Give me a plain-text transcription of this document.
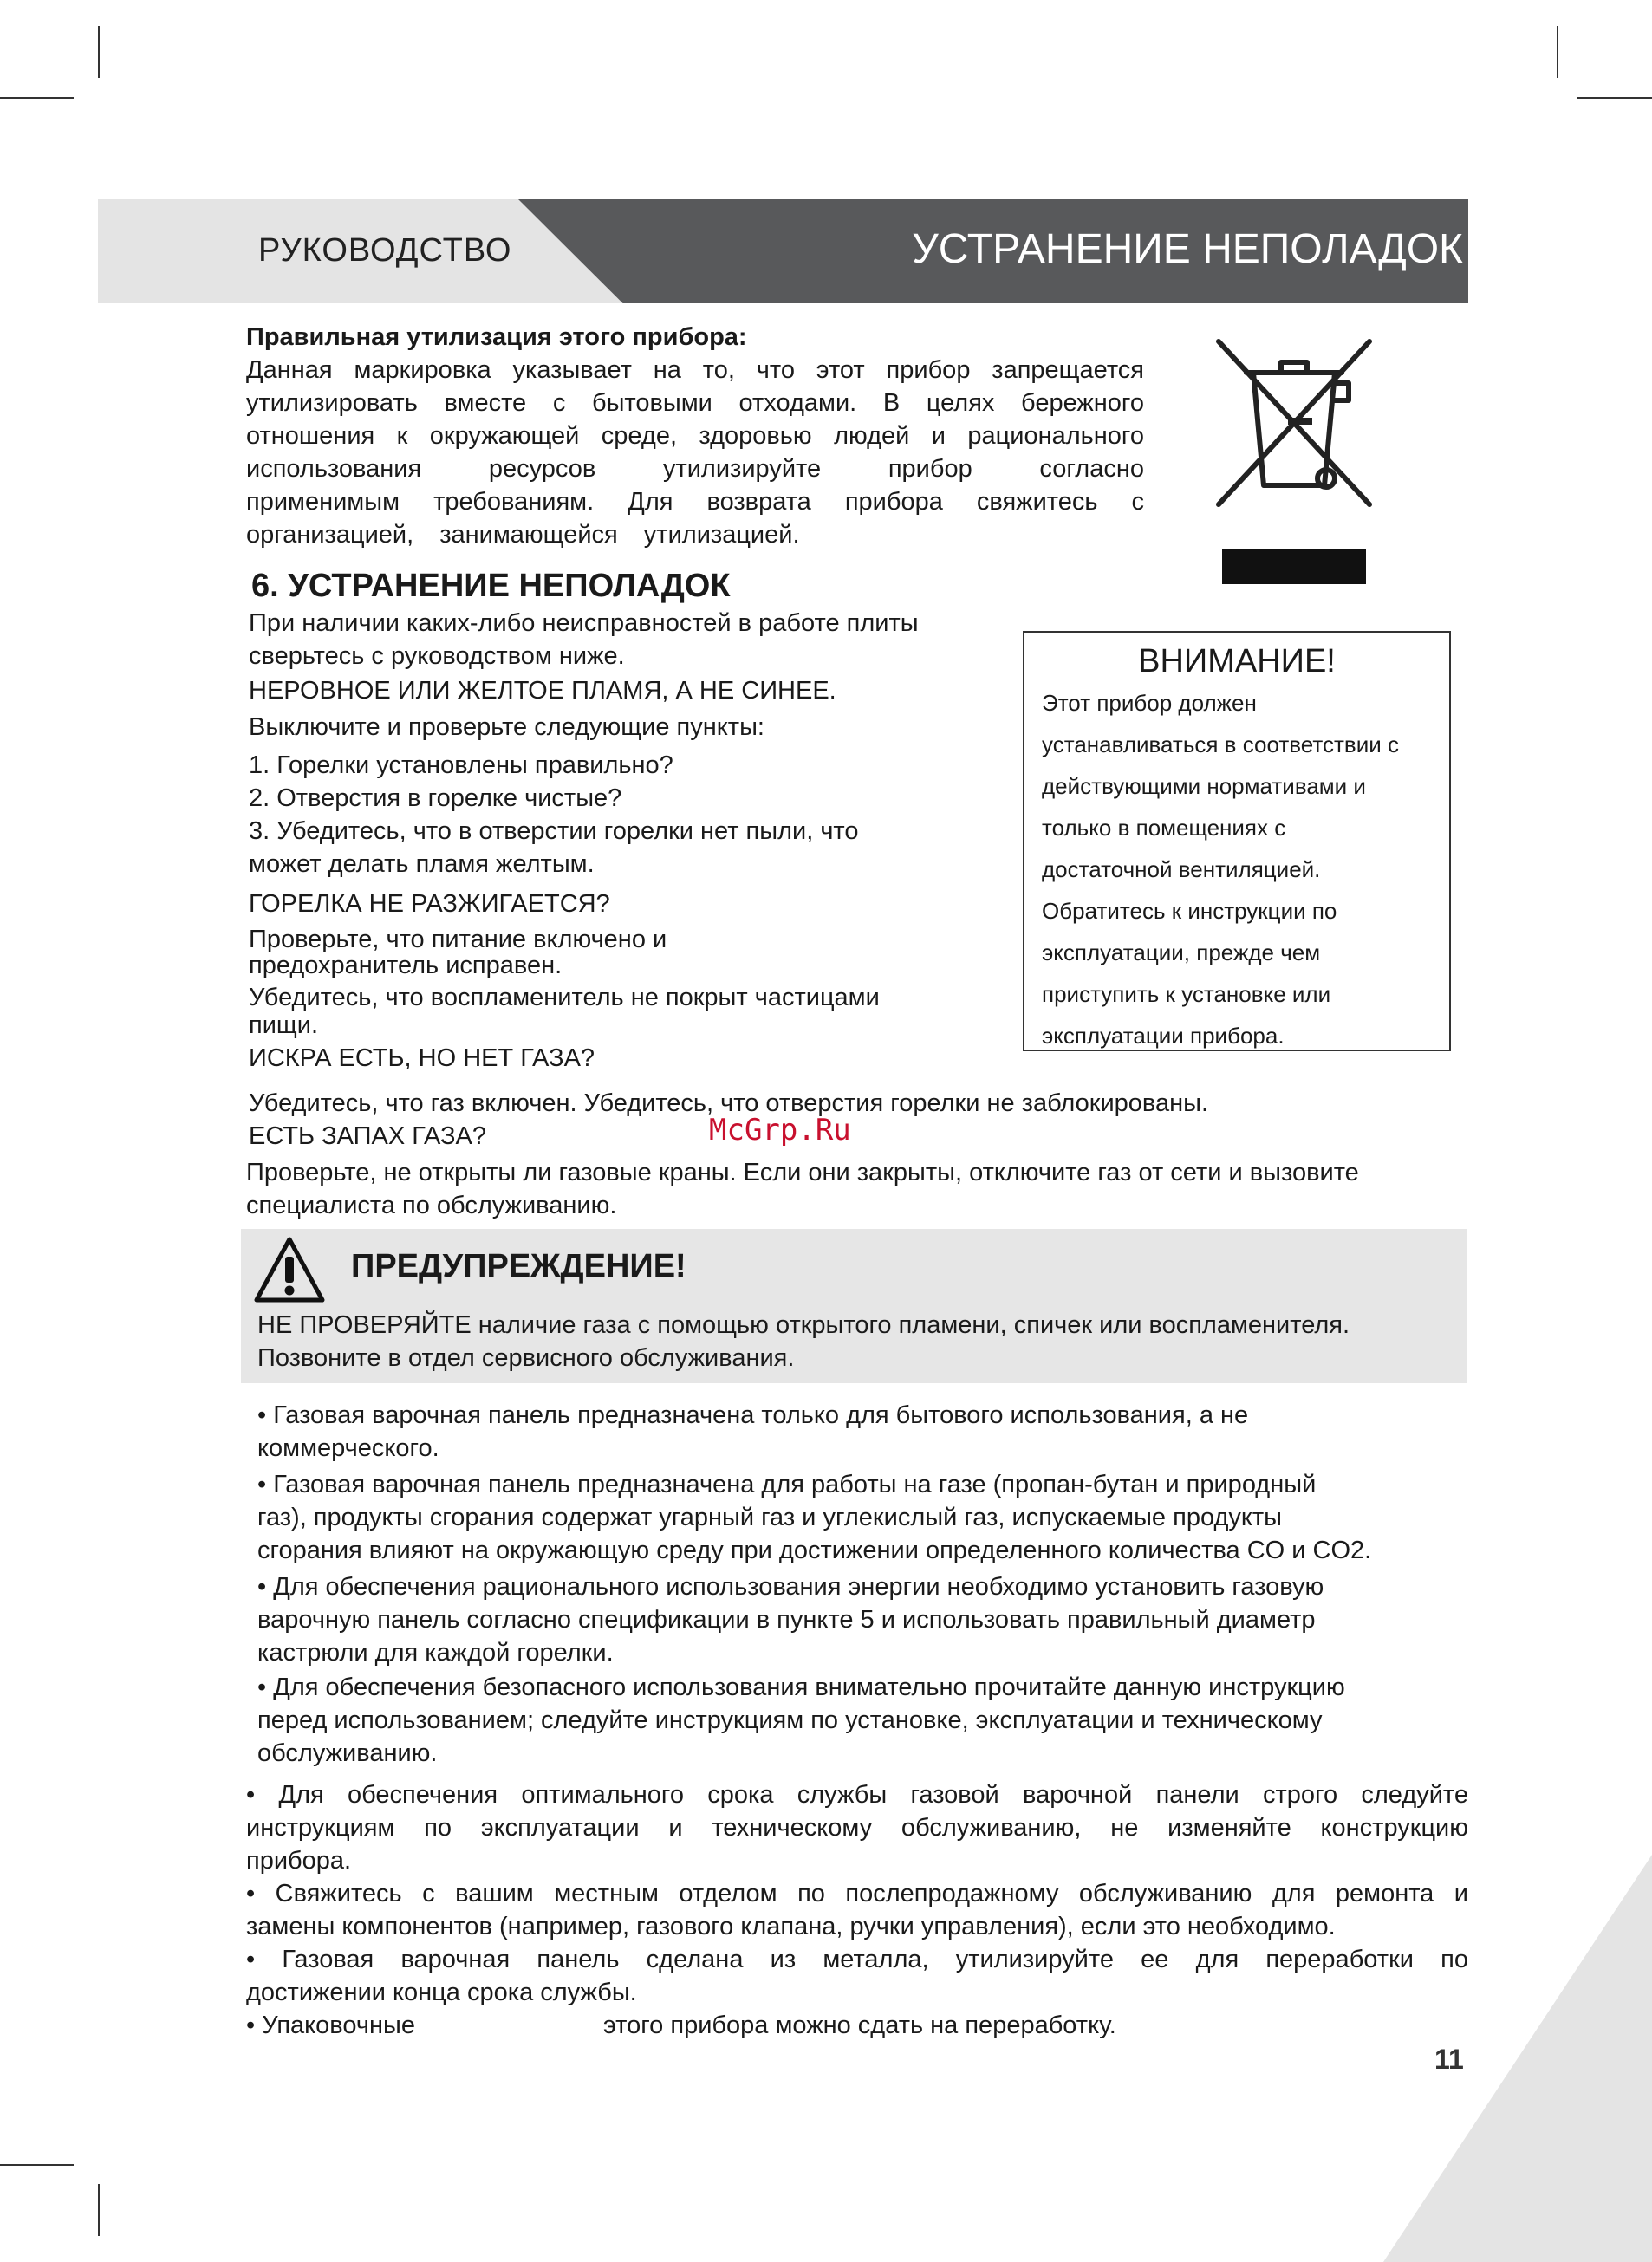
РУКОВОДСТВО	УСТРАНЕНИЕ НЕПОЛАДОК
Правильная утилизация этого прибора:
Данная маркировка указывает на то, что этот прибор запрещается
утилизировать вместе с бытовыми отходами. В целях бережного
отношения к окружающей среде, здоровью людей и рационального
использования ресурсов утилизируйте прибор согласно
применимым требованиям. Для возврата прибора свяжитесь с
организацией, занимающейся утилизацией.
6. УСТРАНЕНИЕ НЕПОЛАДОК
При наличии каких-либо неисправностей в работе плиты
сверьтесь с руководством ниже.
НЕРОВНОЕ ИЛИ ЖЕЛТОЕ ПЛАМЯ, А НЕ СИНЕЕ.
Выключите и проверьте следующие пункты:
1. Горелки установлены правильно?
2. Отверстия в горелке чистые?
3. Убедитесь, что в отверстии горелки нет пыли, что
может делать пламя желтым.
ГОРЕЛКА НЕ РАЗЖИГАЕТСЯ?
Проверьте, что питание включено и
предохранитель исправен.
Убедитесь, что воспламенитель не покрыт частицами
пищи.
ИСКРА ЕСТЬ, НО НЕТ ГАЗА?
Убедитесь, что газ включен. Убедитесь, что отверстия горелки не заблокированы.
ЕСТЬ ЗАПАХ ГАЗА?
Проверьте, не открыты ли газовые краны. Если они закрыты, отключите газ от сети и вызовите
специалиста по обслуживанию.
McGrp.Ru
ВНИМАНИЕ!
Этот прибор должен
устанавливаться в соответствии с
действующими нормативами и
только в помещениях с
достаточной вентиляцией.
Обратитесь к инструкции по
эксплуатации, прежде чем
приступить к установке или
эксплуатации прибора.
ПРЕДУПРЕЖДЕНИЕ!
НЕ ПРОВЕРЯЙТЕ наличие газа с помощью открытого пламени, спичек или воспламенителя.
Позвоните в отдел сервисного обслуживания.
• Газовая варочная панель предназначена только для бытового использования, а не
коммерческого.
• Газовая варочная панель предназначена для работы на газе (пропан-бутан и природный
газ), продукты сгорания содержат угарный газ и углекислый газ, испускаемые продукты
сгорания влияют на окружающую среду при достижении определенного количества CO и CO2.
• Для обеспечения рационального использования энергии необходимо установить газовую
варочную панель согласно спецификации в пункте 5 и использовать правильный диаметр
кастрюли для каждой горелки.
• Для обеспечения безопасного использования внимательно прочитайте данную инструкцию
перед использованием; следуйте инструкциям по установке, эксплуатации и техническому
обслуживанию.
• Для обеспечения оптимального срока службы газовой варочной панели строго следуйте
инструкциям по эксплуатации и техническому обслуживанию, не изменяйте конструкцию
прибора.
• Свяжитесь с вашим местным отделом по послепродажному обслуживанию для ремонта и
замены компонентов (например, газового клапана, ручки управления), если это необходимо.
• Газовая варочная панель сделана из металла, утилизируйте ее для переработки по
достижении конца срока службы.
• Упаковочные	этого прибора можно сдать на переработку.
11
